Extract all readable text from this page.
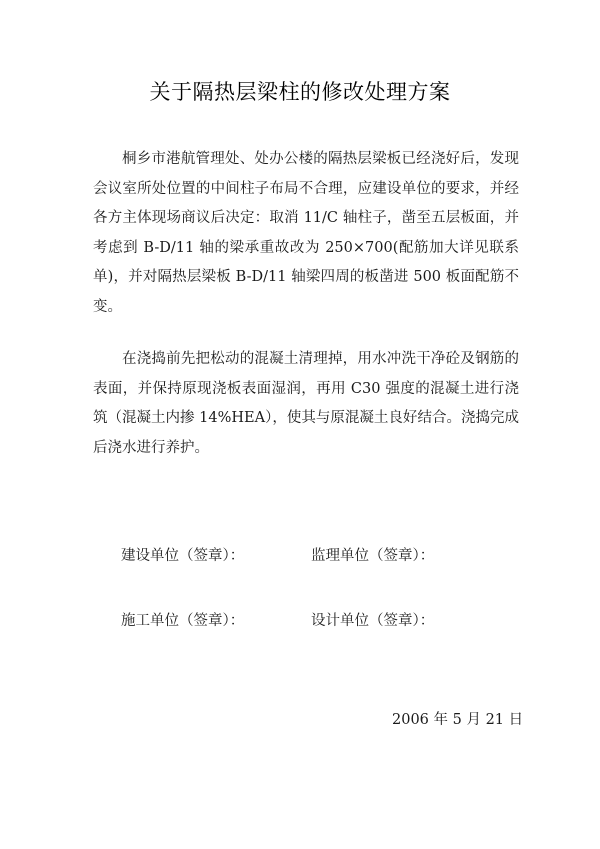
关于隔热层梁柱的修改处理方案

桐乡市港航管理处、处办公楼的隔热层梁板已经浇好后，发现会议室所处位置的中间柱子布局不合理，应建设单位的要求，并经各方主体现场商议后决定：取消 11/C 轴柱子，凿至五层板面，并考虑到 B-D/11 轴的梁承重故改为 250×700(配筋加大详见联系单)，并对隔热层梁板 B-D/11 轴梁四周的板凿进 500 板面配筋不变。

在浇捣前先把松动的混凝土清理掉，用水冲洗干净砼及钢筋的表面，并保持原现浇板表面湿润，再用 C30 强度的混凝土进行浇筑（混凝土内掺 14%HEA），使其与原混凝土良好结合。浇捣完成后浇水进行养护。

建设单位（签章）：	监理单位（签章）：
施工单位（签章）：	设计单位（签章）：
2006 年 5 月 21 日
